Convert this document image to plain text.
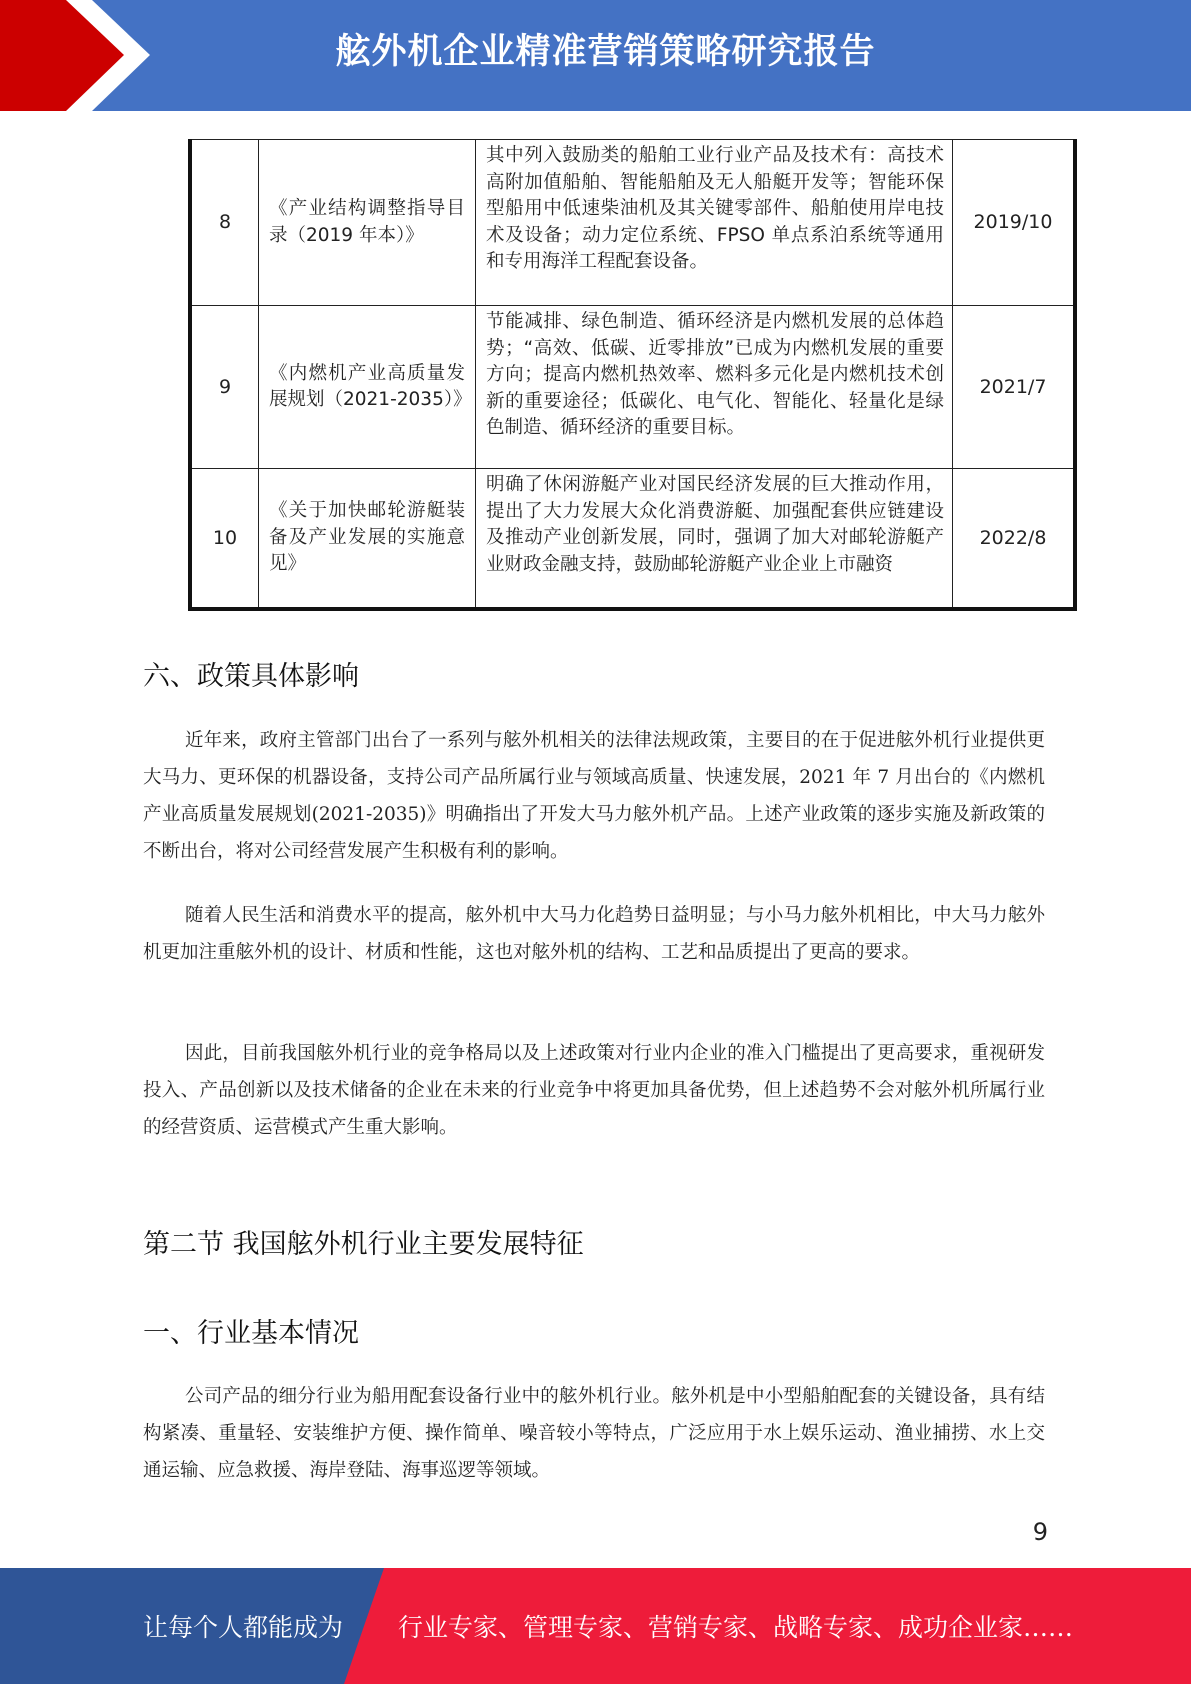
舷外机企业精准营销策略研究报告
8	《产业结构调整指导目录（2019 年本）》	其中列入鼓励类的船舶工业行业产品及技术有：高技术高附加值船舶、智能船舶及无人船艇开发等；智能环保型船用中低速柴油机及其关键零部件、船舶使用岸电技术及设备；动力定位系统、FPSO 单点系泊系统等通用和专用海洋工程配套设备。	2019/10
9	《内燃机产业高质量发展规划（2021-2035）》	节能减排、绿色制造、循环经济是内燃机发展的总体趋势；“高效、低碳、近零排放”已成为内燃机发展的重要方向；提高内燃机热效率、燃料多元化是内燃机技术创新的重要途径；低碳化、电气化、智能化、轻量化是绿色制造、循环经济的重要目标。	2021/7
10	《关于加快邮轮游艇装备及产业发展的实施意见》	明确了休闲游艇产业对国民经济发展的巨大推动作用，提出了大力发展大众化消费游艇、加强配套供应链建设及推动产业创新发展，同时，强调了加大对邮轮游艇产业财政金融支持，鼓励邮轮游艇产业企业上市融资	2022/8
六、政策具体影响

近年来，政府主管部门出台了一系列与舷外机相关的法律法规政策，主要目的在于促进舷外机行业提供更大马力、更环保的机器设备，支持公司产品所属行业与领域高质量、快速发展，2021 年 7 月出台的《内燃机产业高质量发展规划(2021-2035)》明确指出了开发大马力舷外机产品。上述产业政策的逐步实施及新政策的不断出台，将对公司经营发展产生积极有利的影响。

随着人民生活和消费水平的提高，舷外机中大马力化趋势日益明显；与小马力舷外机相比，中大马力舷外机更加注重舷外机的设计、材质和性能，这也对舷外机的结构、工艺和品质提出了更高的要求。

因此，目前我国舷外机行业的竞争格局以及上述政策对行业内企业的准入门槛提出了更高要求，重视研发投入、产品创新以及技术储备的企业在未来的行业竞争中将更加具备优势，但上述趋势不会对舷外机所属行业的经营资质、运营模式产生重大影响。

第二节 我国舷外机行业主要发展特征
一、行业基本情况

公司产品的细分行业为船用配套设备行业中的舷外机行业。舷外机是中小型船舶配套的关键设备，具有结构紧凑、重量轻、安装维护方便、操作简单、噪音较小等特点，广泛应用于水上娱乐运动、渔业捕捞、水上交通运输、应急救援、海岸登陆、海事巡逻等领域。

9
让每个人都能成为 行业专家、管理专家、营销专家、战略专家、成功企业家……
